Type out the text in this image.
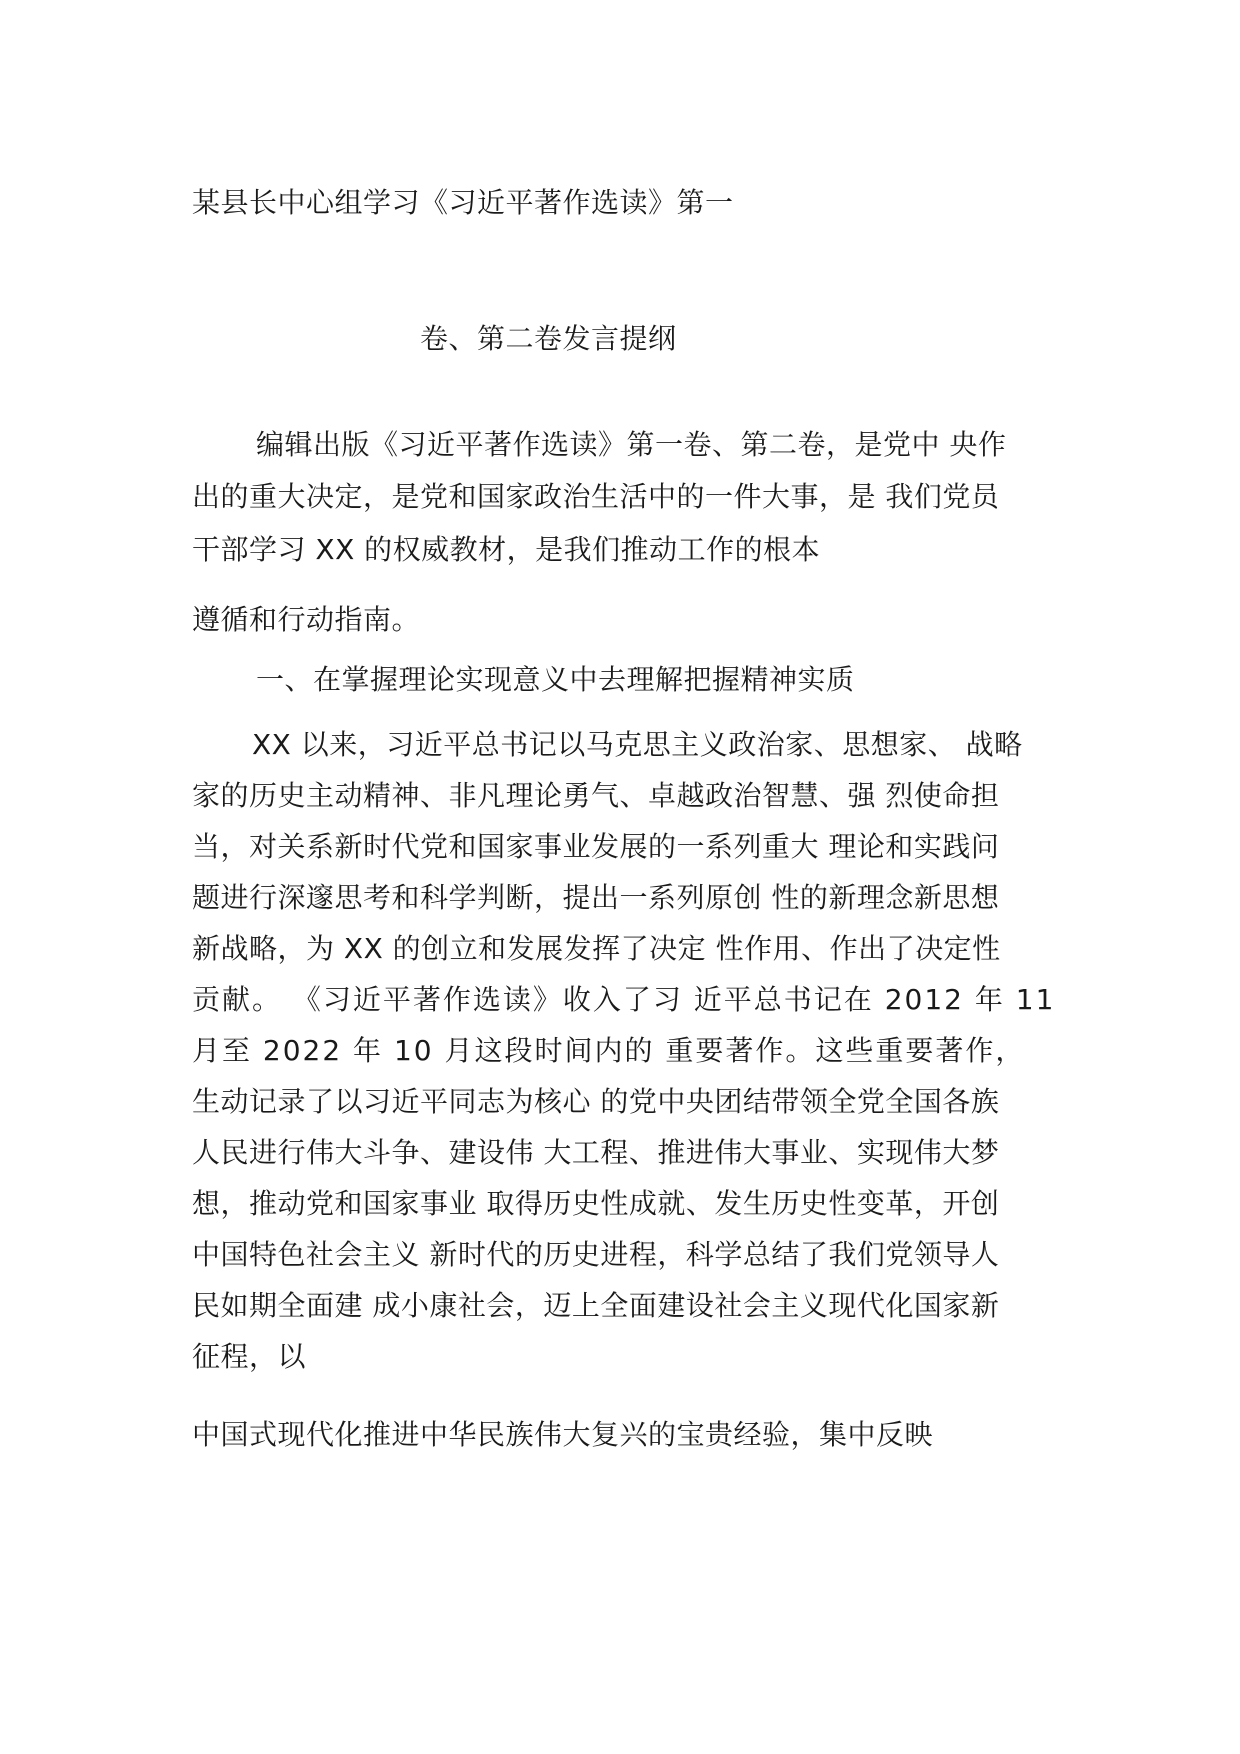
某县长中心组学习《习近平著作选读》第一
卷、第二卷发言提纲
编辑出版《习近平著作选读》第一卷、第二卷，是党中 央作
出的重大决定，是党和国家政治生活中的一件大事，是 我们党员
干部学习 XX 的权威教材，是我们推动工作的根本
遵循和行动指南。
一、在掌握理论实现意义中去理解把握精神实质
XX 以来，习近平总书记以马克思主义政治家、思想家、 战略
家的历史主动精神、非凡理论勇气、卓越政治智慧、强 烈使命担
当，对关系新时代党和国家事业发展的一系列重大 理论和实践问
题进行深邃思考和科学判断，提出一系列原创 性的新理念新思想
新战略，为 XX 的创立和发展发挥了决定 性作用、作出了决定性
贡献。 《习近平著作选读》收入了习 近平总书记在 2012 年 11
月至 2022 年 10 月这段时间内的 重要著作。这些重要著作，
生动记录了以习近平同志为核心 的党中央团结带领全党全国各族
人民进行伟大斗争、建设伟 大工程、推进伟大事业、实现伟大梦
想，推动党和国家事业 取得历史性成就、发生历史性变革，开创
中国特色社会主义 新时代的历史进程，科学总结了我们党领导人
民如期全面建 成小康社会，迈上全面建设社会主义现代化国家新
征程，以
中国式现代化推进中华民族伟大复兴的宝贵经验，集中反映
